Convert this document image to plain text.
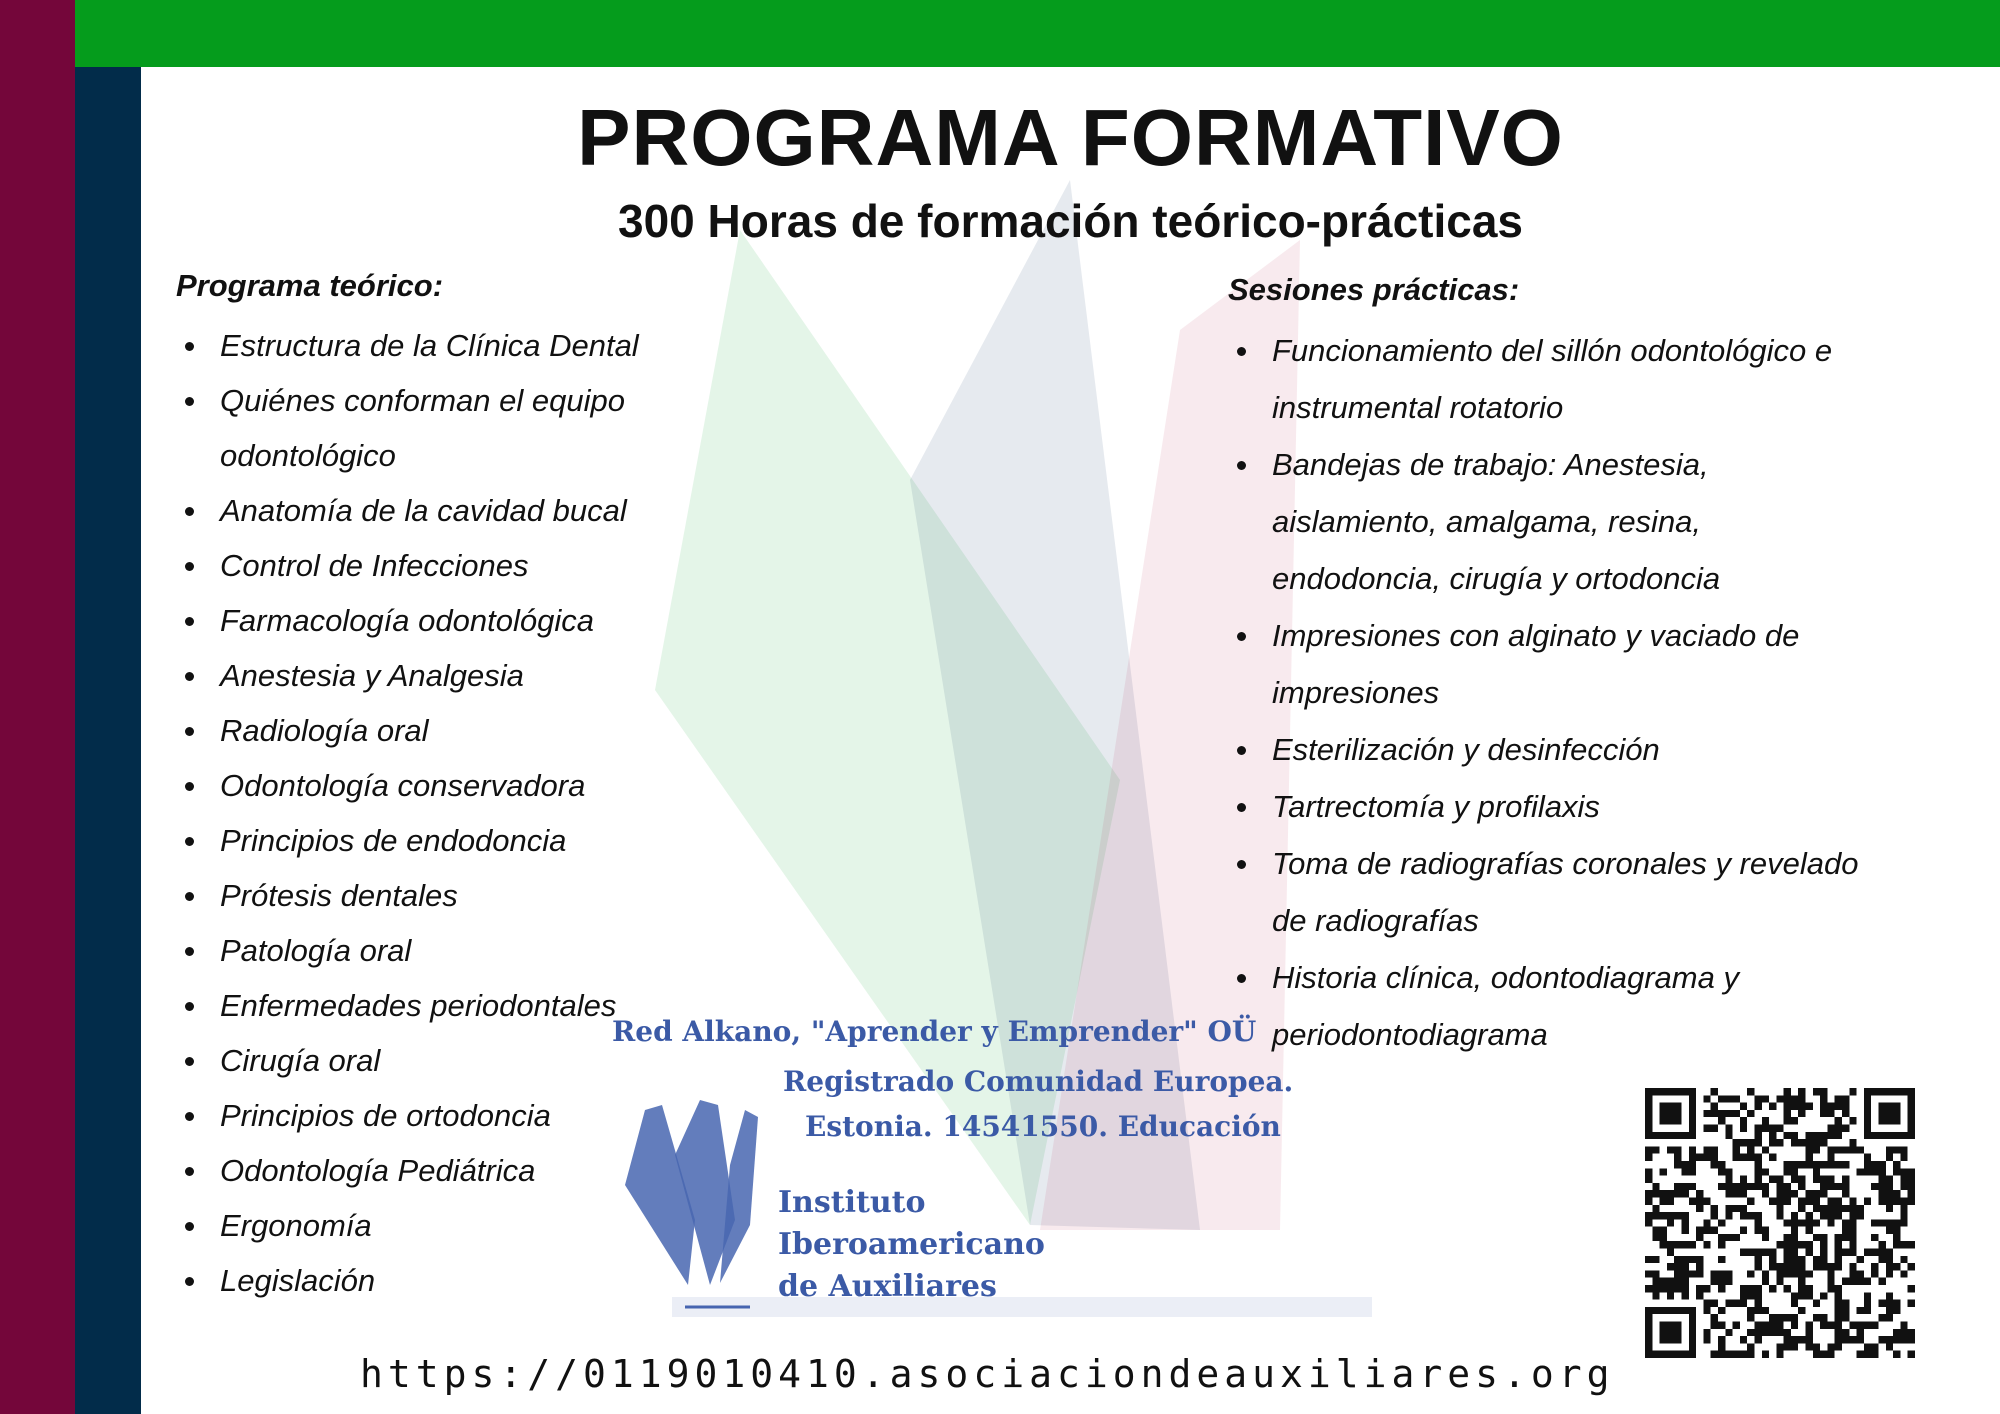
PROGRAMA FORMATIVO
300 Horas de formación teórico-prácticas

Programa teórico:

Estructura de la Clínica Dental
Quiénes conforman el equipo odontológico
Anatomía de la cavidad bucal
Control de Infecciones
Farmacología odontológica
Anestesia y Analgesia
Radiología oral
Odontología conservadora
Principios de endodoncia
Prótesis dentales
Patología oral
Enfermedades periodontales
Cirugía oral
Principios de ortodoncia
Odontología Pediátrica
Ergonomía
Legislación

Sesiones prácticas:

Funcionamiento del sillón odontológico e instrumental rotatorio
Bandejas de trabajo: Anestesia, aislamiento, amalgama, resina, endodoncia, cirugía y ortodoncia
Impresiones con alginato y vaciado de impresiones
Esterilización y desinfección
Tartrectomía y profilaxis
Toma de radiografías coronales y revelado de radiografías
Historia clínica, odontodiagrama y periodontodiagrama
Red Alkano, "Aprender y Emprender" OÜ
Registrado Comunidad Europea.
Estonia. 14541550. Educación
Instituto
Iberoamericano
de Auxiliares

https://0119010410.asociaciondeauxiliares.org
